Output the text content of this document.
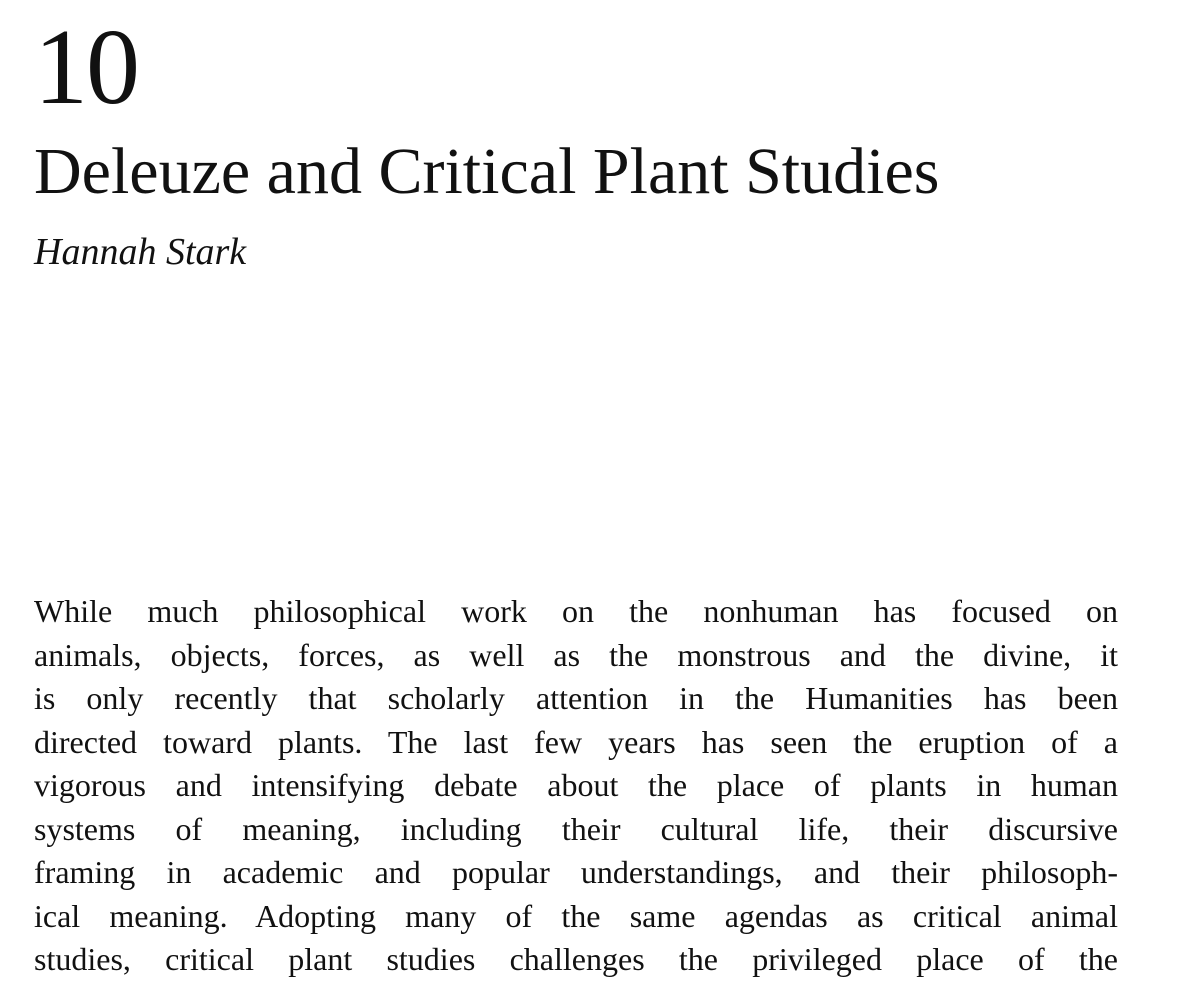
10
Deleuze and Critical Plant Studies
Hannah Stark
While much philosophical work on the nonhuman has focused on
animals, objects, forces, as well as the monstrous and the divine, it
is only recently that scholarly attention in the Humanities has been
directed toward plants. The last few years has seen the eruption of a
vigorous and intensifying debate about the place of plants in human
systems of meaning, including their cultural life, their discursive
framing in academic and popular understandings, and their philosoph-
ical meaning. Adopting many of the same agendas as critical animal
studies, critical plant studies challenges the privileged place of the
